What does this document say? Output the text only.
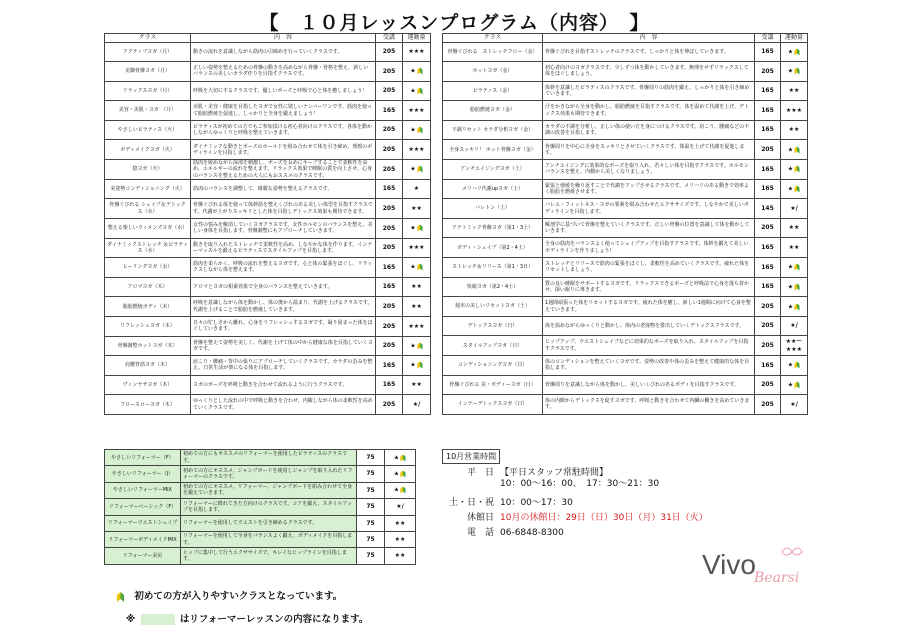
【　１０月レッスンプログラム（内容）　】
クラス	内　容	受講	運動量
アクティブヨガ（月）	動きの流れを意識しながら筋肉の引締めを行っていくクラスです。	205	★★★
美脚骨盤ヨガ（月）	正しい姿勢を整えるための骨盤の動きを高めながら骨盤・骨格を整え、新しいバランスの美しいカラダ作りを目指すクラスです。	205	★
リラックスヨガ（月）	呼吸を大切にするクラスです。優しいポーズと呼吸で心と体を癒しましょう！	205	★
美容・美肌・ヨガ　（月）	美肌・美容・健康を目指したヨガで女性に嬉しいナンバーワンです。筋肉を使って脂肪燃焼を促進し、しっかりと全身を鍛えましょう！	165	★★★
やさしいピラティス（火）	ピラティスが初めての方でもご参加頂ける初心者向けのクラスです。各体を動かしながらゆっくりと呼吸を整えていきます。	205	★
ボディメイクヨガ（火）	ダイナミックな動きとポーズのホールドを組み合わせて体を引き締め、理想のボディラインを目指します。	205	★★★
陰ヨガ（火）	筋肉を緩めながら深部を刺激し、ポーズを長めにキープすることで柔軟性を高め、エネルギーの流れを整えます。リラックス効果で睡眠の質を向上させ、心身のバランスを整えるための大人にもおススメのクラスです。	205	★
美姿勢コンディショニング（火）	筋肉のバランスを調整して、綺麗な姿勢を整えるクラスです。	165	★
骨盤ぐびれる シェイプ＆デトックス（水）	骨盤ぐびれる体を使って体幹筋を整えくびれのある美しい体型を目指すクラスです。代謝が上がりスッキリとした体を目指しデトックス効果も期待できます。	205	★★
整える楽しいウィメンズヨガ（水）	女性の悩みを解消していくヨガクラスです。女性ホルモンのバランスを整え、美しい身体を目指します。骨盤調整にもアプローチしていきます。	205	★
ダイナミックストレッチ ＆ピラティス（水）	動きを取り入れたストレッチで柔軟性を高め、しなやかな体を作ります。インナーマッスルを鍛えるピラティスでスタイルアップを目指します。	205	★★★
ヒーリングヨガ（水）	筋肉を柔らかく、呼吸の流れを整えるヨガです。心と体の緊張をほぐし、リラックスしながら体を整えます。	165	★
アロマヨガ（木）	アロマとヨガの相乗効果で全身のバランスを整えていきます。	165	★★
脂肪燃焼ボディ（木）	呼吸を意識しながら体を動かし、体の奥から温まり、代謝を上げるクラスです。代謝を上げることで脂肪を燃焼していきます。	205	★★
リフレッシュヨガ（木）	日々の忙しさから離れ、心身をリフレッシュするヨガです。凝り固まった体をほぐしていきます。	205	★★★
骨盤調整ホットヨガ（木）	骨盤を整えて姿勢を美しく、代謝を上げて体の中から健康な体を目指していくヨガです。	205	★
肩腰背筋ヨガ（木）	肩こり・腰痛・背中の張りにアプローチしていくクラスです。カラダの歪みを整え、日常生活が楽になる体を目指します。	165	★
ヴィンヤサヨガ（木）	ヨガのポーズを呼吸と動きを合わせて流れるように行うクラスです。	165	★★
フロースローヨガ（木）	ゆっくりとした流れの中で呼吸と動きを合わせ、内観しながら体の柔軟性を高めていくクラスです。	205	★/
クラス	内　容	受講	運動量
骨盤ぐびれる　ストレッチフロー（金）	骨盤ぐびれを目指すストレッチのクラスです。しっかりと体を伸ばしていきます。	165	★
ホットヨガ（金）	初心者向けのヨガクラスです。少しずつ体を動かしていきます。無理をせずリラックスして体をほぐしましょう。	205	★
ピラティス（金）	体幹を意識したピラティスのクラスです。骨盤周りの筋肉を鍛え、しっかりと体を引き締めていきます。	165	★★
脂肪燃焼ヨガ（金）	汗をかきながら全身を動かし、脂肪燃焼を目指すクラスです。体を温めて代謝を上げ、デトックス効果も期待できます。	165	★★★
不調リセット カラダ分析ヨガ（金）	カラダの不調を分析し、正しい体の使い方を身につけるクラスです。肩こり、腰痛などの不調の改善を目指します。	165	★★
全身スッキリ！ ホット骨盤ヨガ（金）	骨盤周りを中心に全身をスッキリとさせていくクラスです。体温を上げて代謝を促進します。	205	★
アンチエイジングヨガ（土）	アンチエイジングに効果的なポーズを取り入れ、若々しい体を目指すクラスです。ホルモンバランスを整え、内側から美しくなりましょう。	165	★
メリハリ代謝upヨガ（土）	緊張と弛緩を繰り返すことで代謝をアップさせるクラスです。メリハリのある動きで効率よく脂肪を燃焼させます。	165	★
バレトン（土）	バレエ・フィットネス・ヨガの要素を組み合わせたエクササイズです。しなやかで美しいボディラインを目指します。	145	★/
アナトミック骨盤ヨガ（第1・3土）	解剖学に基づいて骨盤を整えていくクラスです。正しい骨盤の位置を意識して体を動かしていきます。	205	★★
ボディ・シェイプ（第2・4土）	全身の筋肉をバランスよく使ってシェイプアップを目指すクラスです。体幹を鍛えて美しいボディラインを作りましょう！	165	★★
ストレッチ＆リリース（第1・3日）	ストレッチとリリースで筋肉の緊張をほぐし、柔軟性を高めていくクラスです。疲れた体をリセットしましょう。	165	★
快眠ヨガ（第2・4土）	質の良い睡眠をサポートするヨガです。リラックスできるポーズと呼吸法で心身を落ち着かせ、深い眠りに導きます。	165	★
週末の美しいリセットヨガ（土）	1週間頑張った体をリセットするヨガです。疲れた体を癒し、新しい1週間に向けて心身を整えていきます。	205	★
デトックスヨガ（日）	体を温めながらゆっくりと動かし、体内の老廃物を排出していくデトックスクラスです。	205	★/
スタイルアップヨガ（日）	ヒップアップ、ウエストシェイプなどに効果的なポーズを取り入れ、スタイルアップを目指すクラスです。	205	★★～★★★
コンディショニングヨガ（日）	体のコンディションを整えていくヨガです。姿勢の改善や体の歪みを整えて健康的な体を目指します。	165	★
骨盤ぐびれる 美・ボディーヨガ（日）	骨盤周りを意識しながら体を動かし、美しいくびれのあるボディを目指すクラスです。	205	★
インナーデトックスヨガ（日）	体の内側からデトックスを促すヨガです。呼吸と動きを合わせて内臓の働きを高めていきます。	205	★/
やさしいリフォーマー（F）	初めての方にもオススメのリフォーマーを使用したピラティスのクラスです。	75	★
やさしいリフォーマー（J）	初めての方にオススメ。ジャンプボードを使用しジャンプを取り入れたリフォーマーのクラスです。	75	★
やさしいリフォーマーMIX	初めての方にオススメ。リフォーマー、ジャンプボードを組み合わせて全身を鍛えていきます。	75	★
リフォーマーベーシック（F）	リフォーマーに慣れてきた方向けのクラスです。コアを鍛え、スタイルアップを目指します。	75	★/
リフォーマーウエストシェイプ	リフォーマーを使用してウエストを引き締めるクラスです。	75	★★
リフォーマーボディメイクMIX	リフォーマーを使用して全身をバランスよく鍛え、ボディメイクを目指します。	75	★★
リフォーマー美尻	ヒップに集中して行うエクササイズで、キレイなヒップラインを目指します。	75	★★
10月営業時間
平　日 【平日スタッフ常駐時間】
10：00～16：00、　17：30～21：30
土・日・祝 10：00～17：30
休館日 10月の休館日：29日（日）30日（月）31日（火）
電　話 06-6848-8300
Vivo
Bearsi
初めての方が入りやすいクラスとなっています。
※	はリフォーマーレッスンの内容になります。
